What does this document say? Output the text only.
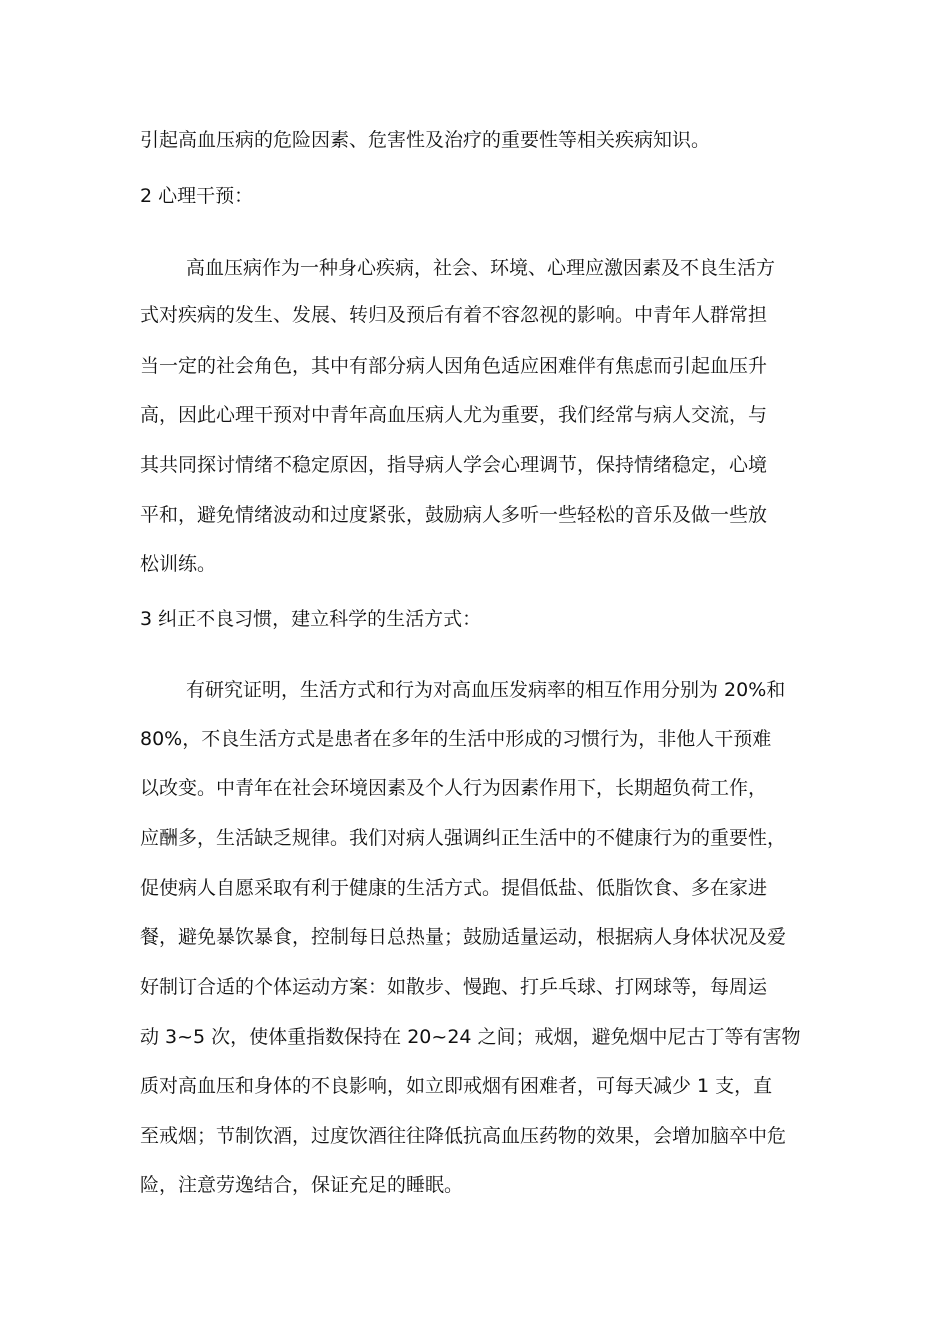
引起高血压病的危险因素、危害性及治疗的重要性等相关疾病知识。
2 心理干预：
高血压病作为一种身心疾病，社会、环境、心理应激因素及不良生活方
式对疾病的发生、发展、转归及预后有着不容忽视的影响。中青年人群常担
当一定的社会角色，其中有部分病人因角色适应困难伴有焦虑而引起血压升
高，因此心理干预对中青年高血压病人尤为重要，我们经常与病人交流，与
其共同探讨情绪不稳定原因，指导病人学会心理调节，保持情绪稳定，心境
平和，避免情绪波动和过度紧张，鼓励病人多听一些轻松的音乐及做一些放
松训练。
3 纠正不良习惯，建立科学的生活方式：
有研究证明，生活方式和行为对高血压发病率的相互作用分别为 20%和
80%，不良生活方式是患者在多年的生活中形成的习惯行为，非他人干预难
以改变。中青年在社会环境因素及个人行为因素作用下，长期超负荷工作，
应酬多，生活缺乏规律。我们对病人强调纠正生活中的不健康行为的重要性，
促使病人自愿采取有利于健康的生活方式。提倡低盐、低脂饮食、多在家进
餐，避免暴饮暴食，控制每日总热量；鼓励适量运动，根据病人身体状况及爱
好制订合适的个体运动方案：如散步、慢跑、打乒乓球、打网球等，每周运
动 3~5 次，使体重指数保持在 20~24 之间；戒烟，避免烟中尼古丁等有害物
质对高血压和身体的不良影响，如立即戒烟有困难者，可每天减少 1 支，直
至戒烟；节制饮酒，过度饮酒往往降低抗高血压药物的效果，会增加脑卒中危
险，注意劳逸结合，保证充足的睡眠。
